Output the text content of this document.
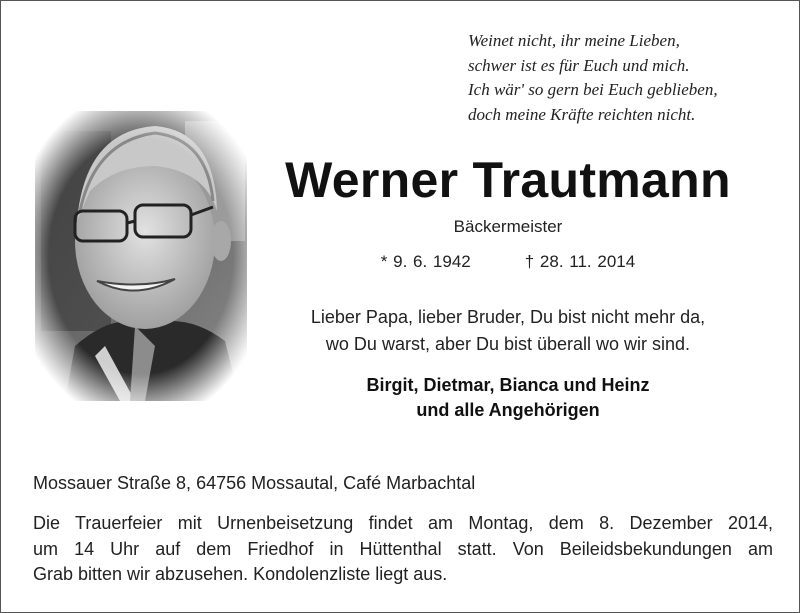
Weinet nicht, ihr meine Lieben,
schwer ist es für Euch und mich.
Ich wär' so gern bei Euch geblieben,
doch meine Kräfte reichten nicht.
Werner Trautmann
Bäckermeister
* 9. 6. 1942	† 28. 11. 2014
Lieber Papa, lieber Bruder, Du bist nicht mehr da,
wo Du warst, aber Du bist überall wo wir sind.
Birgit, Dietmar, Bianca und Heinz
und alle Angehörigen
Mossauer Straße 8, 64756 Mossautal, Café Marbachtal
Die Trauerfeier mit Urnenbeisetzung findet am Montag, dem 8. Dezember 2014,
um 14 Uhr auf dem Friedhof in Hüttenthal statt. Von Beileidsbekundungen am
Grab bitten wir abzusehen. Kondolenzliste liegt aus.
